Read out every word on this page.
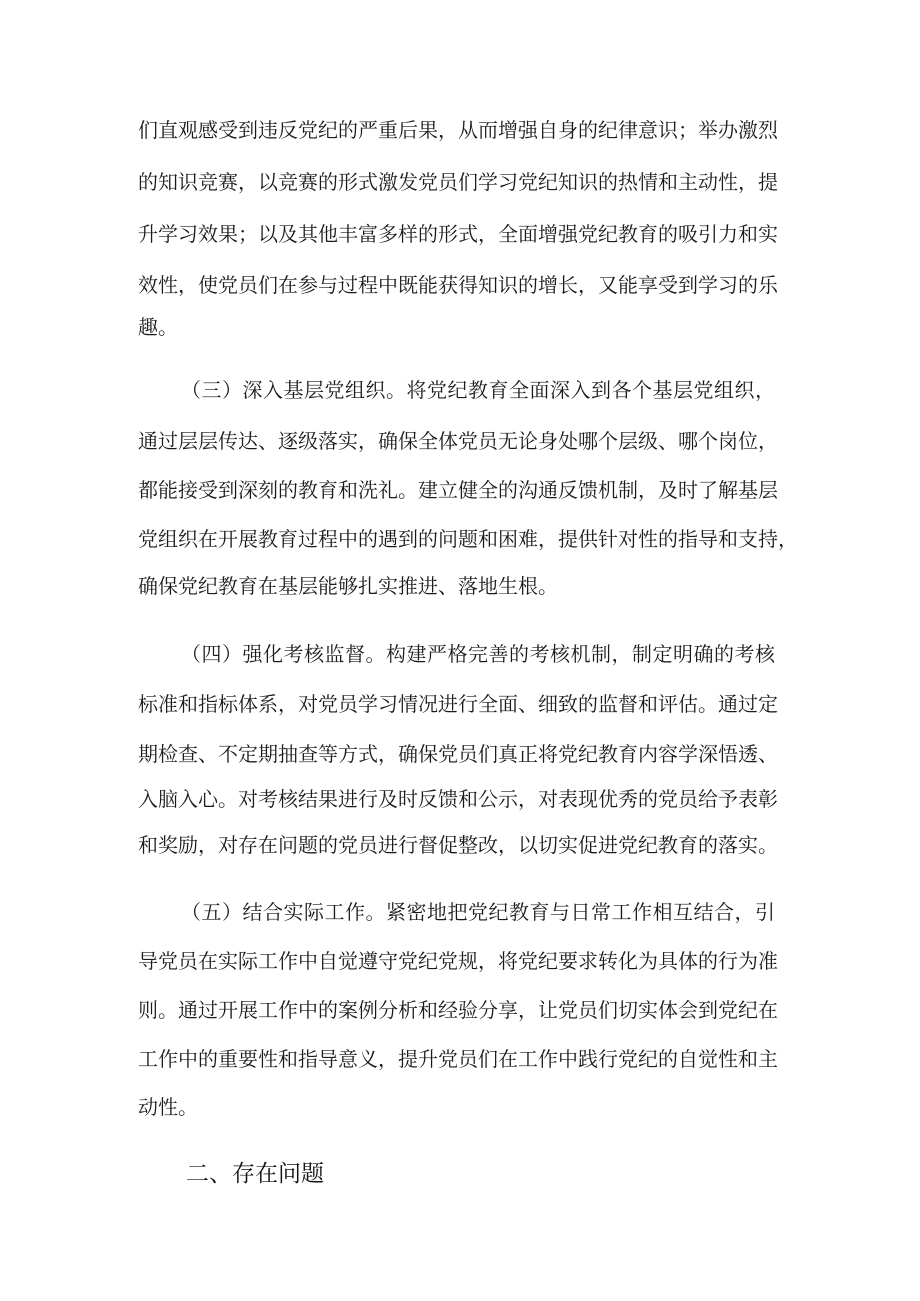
们直观感受到违反党纪的严重后果，从而增强自身的纪律意识；举办激烈

的知识竞赛，以竞赛的形式激发党员们学习党纪知识的热情和主动性，提

升学习效果；以及其他丰富多样的形式，全面增强党纪教育的吸引力和实

效性，使党员们在参与过程中既能获得知识的增长，又能享受到学习的乐

趣。

（三）深入基层党组织。将党纪教育全面深入到各个基层党组织，

通过层层传达、逐级落实，确保全体党员无论身处哪个层级、哪个岗位，

都能接受到深刻的教育和洗礼。建立健全的沟通反馈机制，及时了解基层

党组织在开展教育过程中的遇到的问题和困难，提供针对性的指导和支持，

确保党纪教育在基层能够扎实推进、落地生根。

（四）强化考核监督。构建严格完善的考核机制，制定明确的考核

标准和指标体系，对党员学习情况进行全面、细致的监督和评估。通过定

期检查、不定期抽查等方式，确保党员们真正将党纪教育内容学深悟透、

入脑入心。对考核结果进行及时反馈和公示，对表现优秀的党员给予表彰

和奖励，对存在问题的党员进行督促整改，以切实促进党纪教育的落实。

（五）结合实际工作。紧密地把党纪教育与日常工作相互结合，引

导党员在实际工作中自觉遵守党纪党规，将党纪要求转化为具体的行为准

则。通过开展工作中的案例分析和经验分享，让党员们切实体会到党纪在

工作中的重要性和指导意义，提升党员们在工作中践行党纪的自觉性和主

动性。

二、存在问题
